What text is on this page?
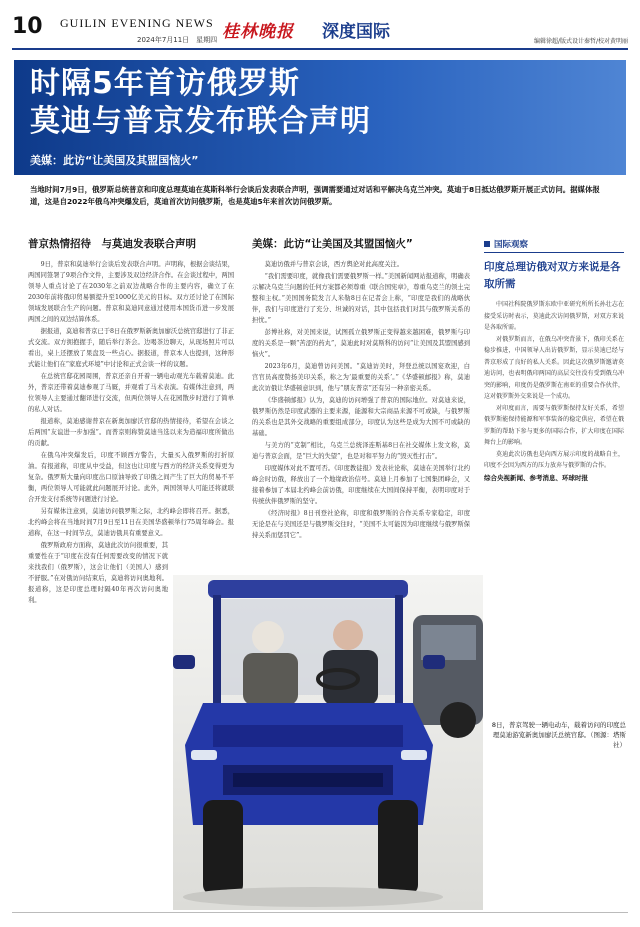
10 GUILIN EVENING NEWS
2024年7月11日　星期四 桂林晚报 深度国际	编辑徐超/版式设计秦哲/校对黄明丽
时隔5年首访俄罗斯
莫迪与普京发布联合声明
美媒：此访“让美国及其盟国恼火”
当地时间7月9日，俄罗斯总统普京和印度总理莫迪在莫斯科举行会谈后发表联合声明，强调需要通过对话和平解决乌克兰冲突。莫迪于8日抵达俄罗斯开展正式访问。据媒体报道，这是自2022年俄乌冲突爆发后，莫迪首次访问俄罗斯，也是莫迪5年来首次访问俄罗斯。
普京热情招待　与莫迪发表联合声明

9日，普京和莫迪举行会谈后发表联合声明。声明称，根据会谈结果，两国同签署了9项合作文件，主要涉及双边经济合作。在会谈过程中，两国领导人重点讨论了在2030年之前双边战略合作的主要内容，确立了在2030年前将俄印贸易额提升至1000亿美元的目标。双方还讨论了在国际领域发展联合生产的问题。普京和莫迪同意通过使用本国货币进一步发展两国之间的双边结算体系。

据报道，莫迪和普京已于8日在俄罗斯新奥加廖沃总统官邸进行了非正式交流。双方拥抱握手，随后举行茶会。边喝茶边聊天，从现场照片可以看出，桌上还摆放了果盘及一些点心。据报道，普京本人也提到，这种形式能让他们在“家庭式环境”中讨论和正式会谈一样的议题。

在总统官邸花园周围，普京还亲自开着一辆电动观光车载着莫迪。此外，普京还带着莫迪参观了马厩，并观看了马术表演。有媒体注意到，两位领导人主要通过翻译进行交流，但两位领导人在花园散步时进行了简单的私人对话。

报道称，莫迪感谢普京在新奥加廖沃官邸的热情接待，希望在会谈之后两国“友谊进一步加强”。而普京则称赞莫迪当选以来为造福印度所做出的贡献。

在俄乌冲突爆发后，印度不顾西方警告，大量买入俄罗斯的打折原油。有报道称，印度从中受益，但这也让印度与西方的经济关系变得更为复杂。俄罗斯大量向印度出口原油导致了印俄之间产生了巨大的贸易不平衡，两位领导人可能就此问题展开讨论。此外，两国领导人可能还将就联合开发支付系统等问题进行讨论。

另有媒体注意到，莫迪访问俄罗斯之际，北约峰会即将召开。据悉，北约峰会将在当地时间7月9日至11日在美国华盛顿举行75周年峰会。报道称，在这一时间节点，莫迪访俄具有重要意义。

俄罗斯政府方面称，莫迪此次访问很重要，其重要性在于“印度在没有任何需要改变的情况下就来找我们（俄罗斯），这会让他们（美国人）感到不舒服。”在对俄访问结束后，莫迪将访问奥地利。报道称，这是印度总理时隔40年再次访问奥地利。

美媒：此访“让美国及其盟国恼火”

莫迪访俄并与普京会谈，西方舆论对此高度关注。

“我们需要印度，就像我们需要俄罗斯一样。”美国新闻网站报道称，明确表示解决乌克兰问题的任何方案都必须尊重《联合国宪章》，尊重乌克兰的领土完整和主权。”美国国务院发言人米勒8日在记者会上称，“印度是我们的战略伙伴，我们与印度进行了充分、坦诚的对话，其中包括我们对其与俄罗斯关系的担忧。”

彭博社称，对美国来说，试图孤立俄罗斯正变得越来越困难，俄罗斯与印度的关系是一颗“苦涩的药丸”，莫迪此时对莫斯科的访问“让美国及其盟国感到恼火”。

2023年6月，莫迪曾访问美国。“莫迪访美时，拜登总统以国宴欢迎，白宫官员高度赞扬美印关系，称之为‘最重要的关系’。”《华盛顿邮报》称，莫迪此次访俄让华盛顿意识到，他与“朋友普京”还有另一种亲密关系。

《华盛顿邮报》认为，莫迪的访问增强了普京的国际地位。对莫迪来说，俄罗斯仍然是印度武器的主要来源，能源和大宗商品来源不可或缺，与俄罗斯的关系也是其外交战略的重要组成部分，印度认为这些是成为大国不可或缺的基础。

与美方的“克制”相比，乌克兰总统泽连斯基8日在社交媒体上发文称，莫迪与普京会面，是“巨大的失望”，也是对和平努力的“毁灭性打击”。

印度媒体对此不置可否。《印度教徒报》发表社论称，莫迪在美国举行北约峰会时访俄，释放出了一个地缘政治信号。莫迪上月参加了七国集团峰会，又接着参加了本届北约峰会前访俄，印度继续在大国间保持平衡，表明印度对于传统伙伴俄罗斯的坚守。

《经济时报》8日刊登社论称，印度和俄罗斯的合作关系专家稳定，印度无论是在与美国还是与俄罗斯交往时，“美国不太可能因为印度继续与俄罗斯保持关系而惩罚它”。

国际观察
印度总理访俄对双方来说是各取所需

中国社科院俄罗斯东欧中亚研究所所长孙壮志在接受采访时表示，莫迪此次访问俄罗斯，对双方来说是各取所需。

对俄罗斯而言，在俄乌冲突背景下，俄印关系在稳步推进，中国领导人出访俄罗斯，显示莫迪已经与普京形成了良好的私人关系。因此这次俄罗斯邀请莫迪访问，也表明俄印两国的高层交往没有受到俄乌冲突的影响，印度仍是俄罗斯在南亚的重要合作伙伴，这对俄罗斯外交来说是一个成功。

对印度而言，需要与俄罗斯保持友好关系，希望俄罗斯能保持能源和军事装备的稳定供应，希望在俄罗斯的帮助下参与更多的国际合作，扩大印度在国际舞台上的影响。

莫迪此次访俄也是向西方展示印度的战略自主，印度不会因为西方的压力放弃与俄罗斯的合作。

综合央视新闻、参考消息、环球时报

8日，普京驾驶一辆电动车，载着访问的印度总理莫迪游览新奥加廖沃总统官邸。（图源：塔斯社）
